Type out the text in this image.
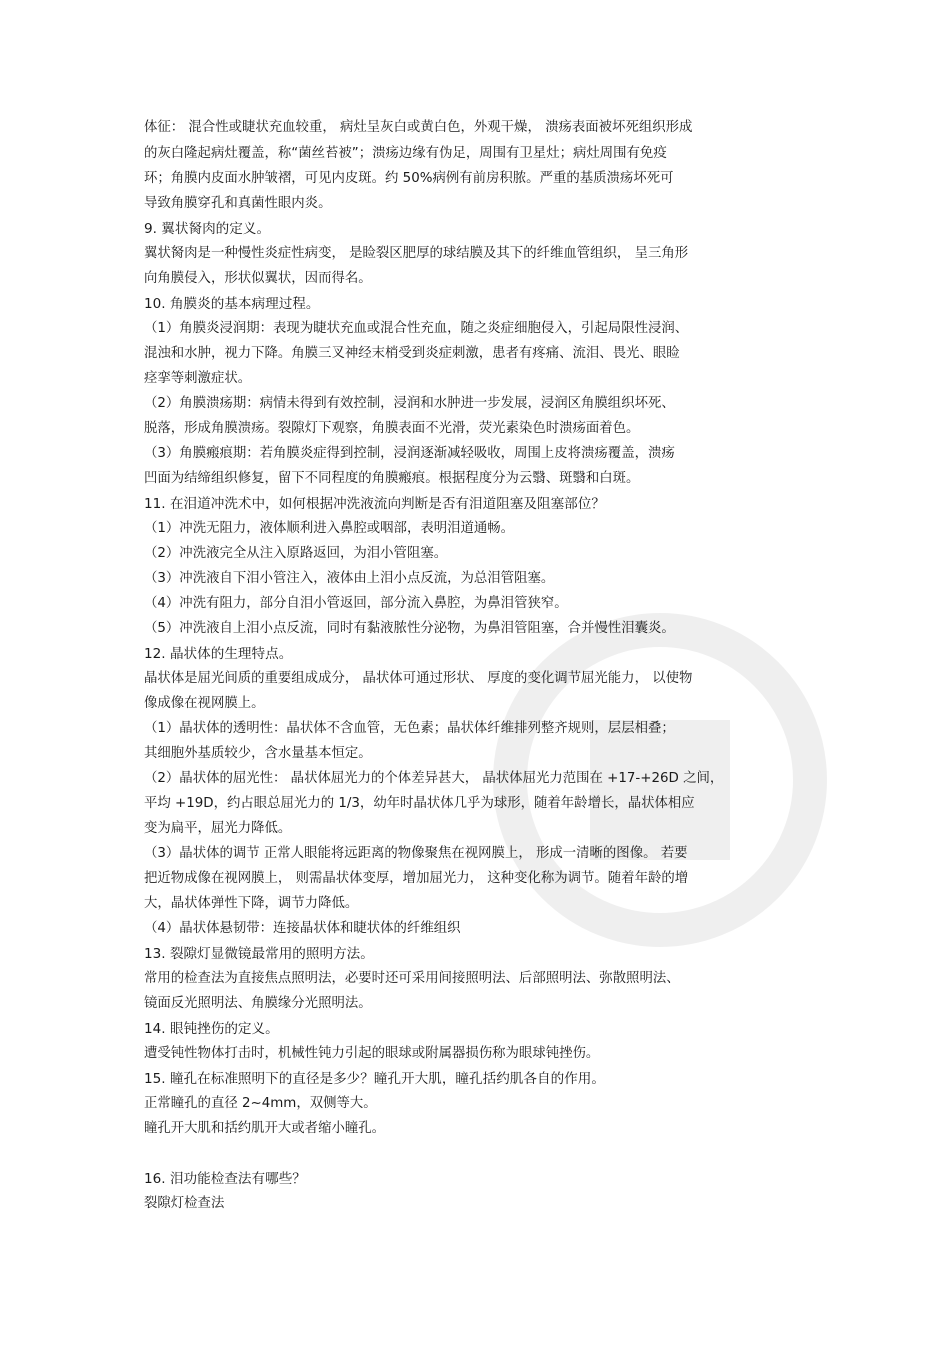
体征： 混合性或睫状充血较重， 病灶呈灰白或黄白色，外观干燥， 溃疡表面被坏死组织形成
的灰白隆起病灶覆盖，称“菌丝苔被”；溃疡边缘有伪足，周围有卫星灶；病灶周围有免疫
环；角膜内皮面水肿皱褶，可见内皮斑。约 50%病例有前房积脓。严重的基质溃疡坏死可
导致角膜穿孔和真菌性眼内炎。
9. 翼状胬肉的定义。
翼状胬肉是一种慢性炎症性病变， 是睑裂区肥厚的球结膜及其下的纤维血管组织， 呈三角形
向角膜侵入，形状似翼状，因而得名。
10. 角膜炎的基本病理过程。
（1）角膜炎浸润期：表现为睫状充血或混合性充血，随之炎症细胞侵入，引起局限性浸润、
混浊和水肿，视力下降。角膜三叉神经末梢受到炎症刺激，患者有疼痛、流泪、畏光、眼睑
痉挛等刺激症状。
（2）角膜溃疡期：病情未得到有效控制，浸润和水肿进一步发展，浸润区角膜组织坏死、
脱落，形成角膜溃疡。裂隙灯下观察，角膜表面不光滑，荧光素染色时溃疡面着色。
（3）角膜瘢痕期：若角膜炎症得到控制，浸润逐渐减轻吸收，周围上皮将溃疡覆盖，溃疡
凹面为结缔组织修复，留下不同程度的角膜瘢痕。根据程度分为云翳、斑翳和白斑。
11. 在泪道冲洗术中，如何根据冲洗液流向判断是否有泪道阻塞及阻塞部位？
（1）冲洗无阻力，液体顺利进入鼻腔或咽部，表明泪道通畅。
（2）冲洗液完全从注入原路返回，为泪小管阻塞。
（3）冲洗液自下泪小管注入，液体由上泪小点反流，为总泪管阻塞。
（4）冲洗有阻力，部分自泪小管返回，部分流入鼻腔，为鼻泪管狭窄。
（5）冲洗液自上泪小点反流，同时有黏液脓性分泌物，为鼻泪管阻塞，合并慢性泪囊炎。
12. 晶状体的生理特点。
晶状体是屈光间质的重要组成成分， 晶状体可通过形状、 厚度的变化调节屈光能力， 以使物
像成像在视网膜上。
（1）晶状体的透明性：晶状体不含血管，无色素；晶状体纤维排列整齐规则，层层相叠；
其细胞外基质较少，含水量基本恒定。
（2）晶状体的屈光性： 晶状体屈光力的个体差异甚大， 晶状体屈光力范围在 +17-+26D 之间，
平均 +19D，约占眼总屈光力的 1/3，幼年时晶状体几乎为球形，随着年龄增长，晶状体相应
变为扁平，屈光力降低。
（3）晶状体的调节 正常人眼能将远距离的物像聚焦在视网膜上， 形成一清晰的图像。 若要
把近物成像在视网膜上， 则需晶状体变厚，增加屈光力， 这种变化称为调节。随着年龄的增
大，晶状体弹性下降，调节力降低。
（4）晶状体悬韧带：连接晶状体和睫状体的纤维组织
13. 裂隙灯显微镜最常用的照明方法。
常用的检查法为直接焦点照明法，必要时还可采用间接照明法、后部照明法、弥散照明法、
镜面反光照明法、角膜缘分光照明法。
14. 眼钝挫伤的定义。
遭受钝性物体打击时，机械性钝力引起的眼球或附属器损伤称为眼球钝挫伤。
15. 瞳孔在标准照明下的直径是多少？瞳孔开大肌，瞳孔括约肌各自的作用。
正常瞳孔的直径 2~4mm，双侧等大。
瞳孔开大肌和括约肌开大或者缩小瞳孔。
16. 泪功能检查法有哪些？
裂隙灯检查法
